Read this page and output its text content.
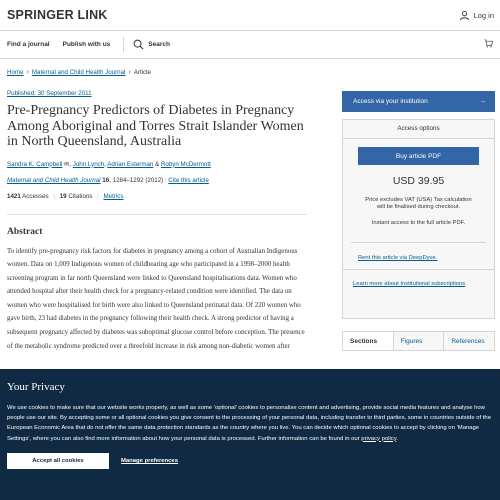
SPRINGER LINK	Log in
Find a journal Publish with us	Search
Home › Maternal and Child Health Journal › Article
Published: 30 September 2011
Pre-Pregnancy Predictors of Diabetes in Pregnancy Among Aboriginal and Torres Strait Islander Women in North Queensland, Australia
Sandra K. Campbell ✉, John Lynch, Adrian Esterman & Robyn McDermott
Maternal and Child Health Journal 16, 1284–1292 (2012) | Cite this article
1421 Accesses | 19 Citations | Metrics
Abstract

To identify pre-pregnancy risk factors for diabetes in pregnancy among a cohort of Australian Indigenous women. Data on 1,009 Indigenous women of childbearing age who participated in a 1998–2000 health screening program in far north Queensland were linked to Queensland hospitalisations data. Women who attended hospital after their health check for a pregnancy-related condition were identified. The data on women who were hospitalised for birth were also linked to Queensland perinatal data. Of 220 women who gave birth, 23 had diabetes in the pregnancy following their health check. A strong predictor of having a subsequent pregnancy affected by diabetes was suboptimal glucose control before conception. The presence of the metabolic syndrome predicted over a threefold increase in risk among non-diabetic women after

Access via your institution	→
Access options
Buy article PDF
USD 39.95
Price excludes VAT (USA) Tax calculation will be finalised during checkout.
Instant access to the full article PDF.
Rent this article via DeepDyve.
Learn more about Institutional subscriptions
Sections	Figures	References
Your Privacy

We use cookies to make sure that our website works properly, as well as some ‘optional’ cookies to personalise content and advertising, provide social media features and analyse how people use our site. By accepting some or all optional cookies you give consent to the processing of your personal data, including transfer to third parties, some in countries outside of the European Economic Area that do not offer the same data protection standards as the country where you live. You can decide which optional cookies to accept by clicking on ‘Manage Settings’, where you can also find more information about how your personal data is processed. Further information can be found in our privacy policy.

Accept all cookies	Manage preferences
